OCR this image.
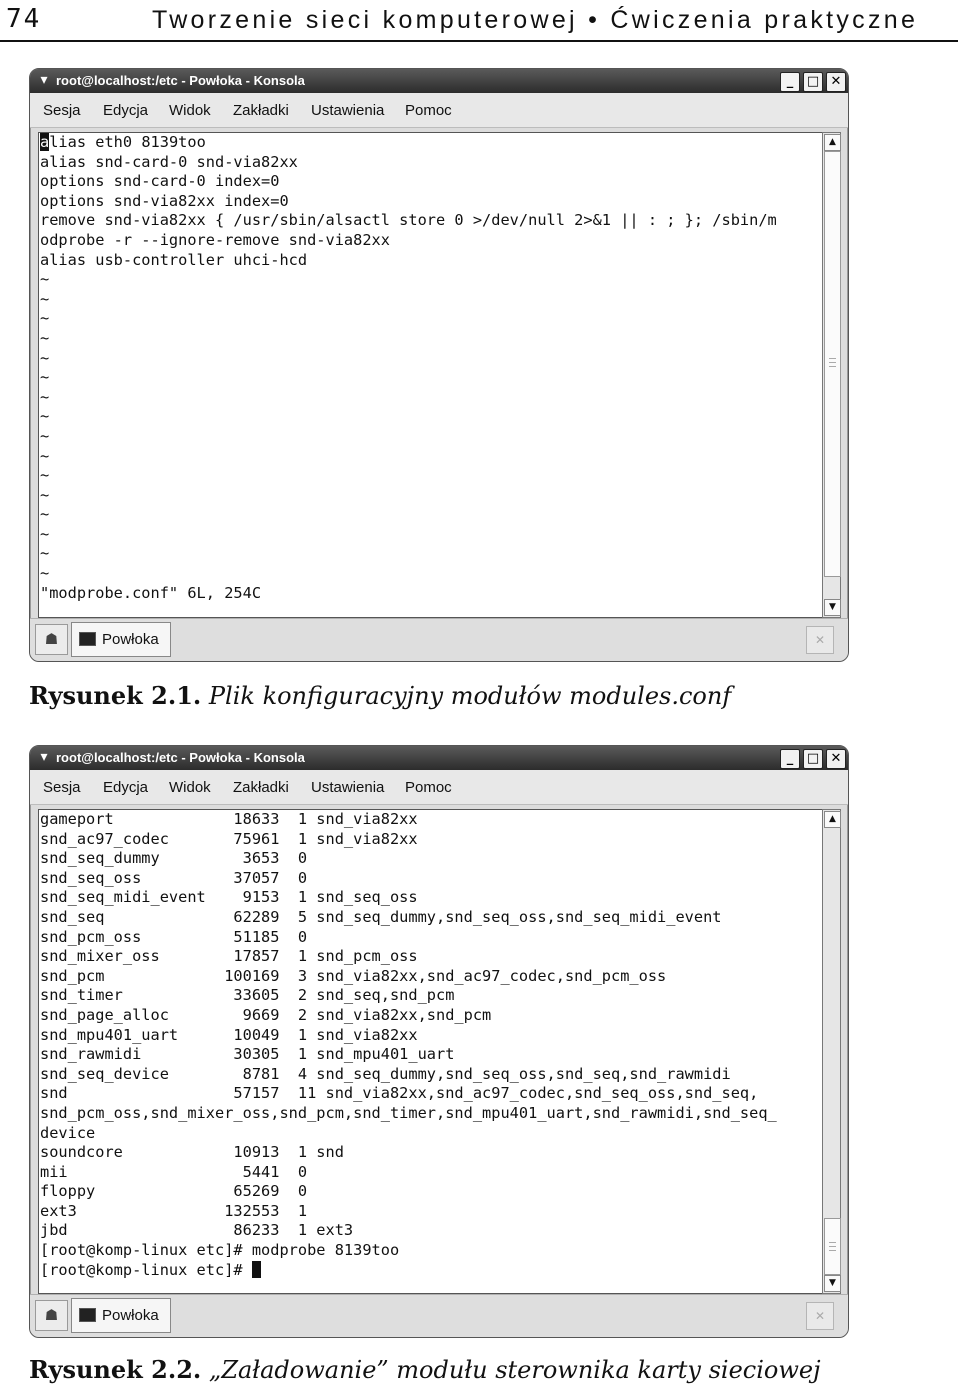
74	Tworzenie sieci komputerowej • Ćwiczenia praktyczne
▾ root@localhost:/etc - Powłoka - Konsola	_	□ ✕
Sesja Edycja Widok Zakładki Ustawienia Pomoc
alias eth0 8139too
alias snd-card-0 snd-via82xx
options snd-card-0 index=0
options snd-via82xx index=0
remove snd-via82xx { /usr/sbin/alsactl store 0 >/dev/null 2>&1 || : ; }; /sbin/m
odprobe -r --ignore-remove snd-via82xx
alias usb-controller uhci-hcd
~
~
~
~
~
~
~
~
~
~
~
~
~
~
~
~
"modprobe.conf" 6L, 254C
▲
▼
☗	Powłoka	✕
Rysunek 2.1. Plik konfiguracyjny modułów modules.conf
▾ root@localhost:/etc - Powłoka - Konsola	_	□ ✕
Sesja Edycja Widok Zakładki Ustawienia Pomoc
gameport             18633  1 snd_via82xx
snd_ac97_codec       75961  1 snd_via82xx
snd_seq_dummy         3653  0
snd_seq_oss          37057  0
snd_seq_midi_event    9153  1 snd_seq_oss
snd_seq              62289  5 snd_seq_dummy,snd_seq_oss,snd_seq_midi_event
snd_pcm_oss          51185  0
snd_mixer_oss        17857  1 snd_pcm_oss
snd_pcm             100169  3 snd_via82xx,snd_ac97_codec,snd_pcm_oss
snd_timer            33605  2 snd_seq,snd_pcm
snd_page_alloc        9669  2 snd_via82xx,snd_pcm
snd_mpu401_uart      10049  1 snd_via82xx
snd_rawmidi          30305  1 snd_mpu401_uart
snd_seq_device        8781  4 snd_seq_dummy,snd_seq_oss,snd_seq,snd_rawmidi
snd                  57157  11 snd_via82xx,snd_ac97_codec,snd_seq_oss,snd_seq,
snd_pcm_oss,snd_mixer_oss,snd_pcm,snd_timer,snd_mpu401_uart,snd_rawmidi,snd_seq_
device
soundcore            10913  1 snd
mii                   5441  0
floppy               65269  0
ext3                132553  1
jbd                  86233  1 ext3
[root@komp-linux etc]# modprobe 8139too
[root@komp-linux etc]#
▲
▼
☗	Powłoka	✕
Rysunek 2.2. „Załadowanie” modułu sterownika karty sieciowej
